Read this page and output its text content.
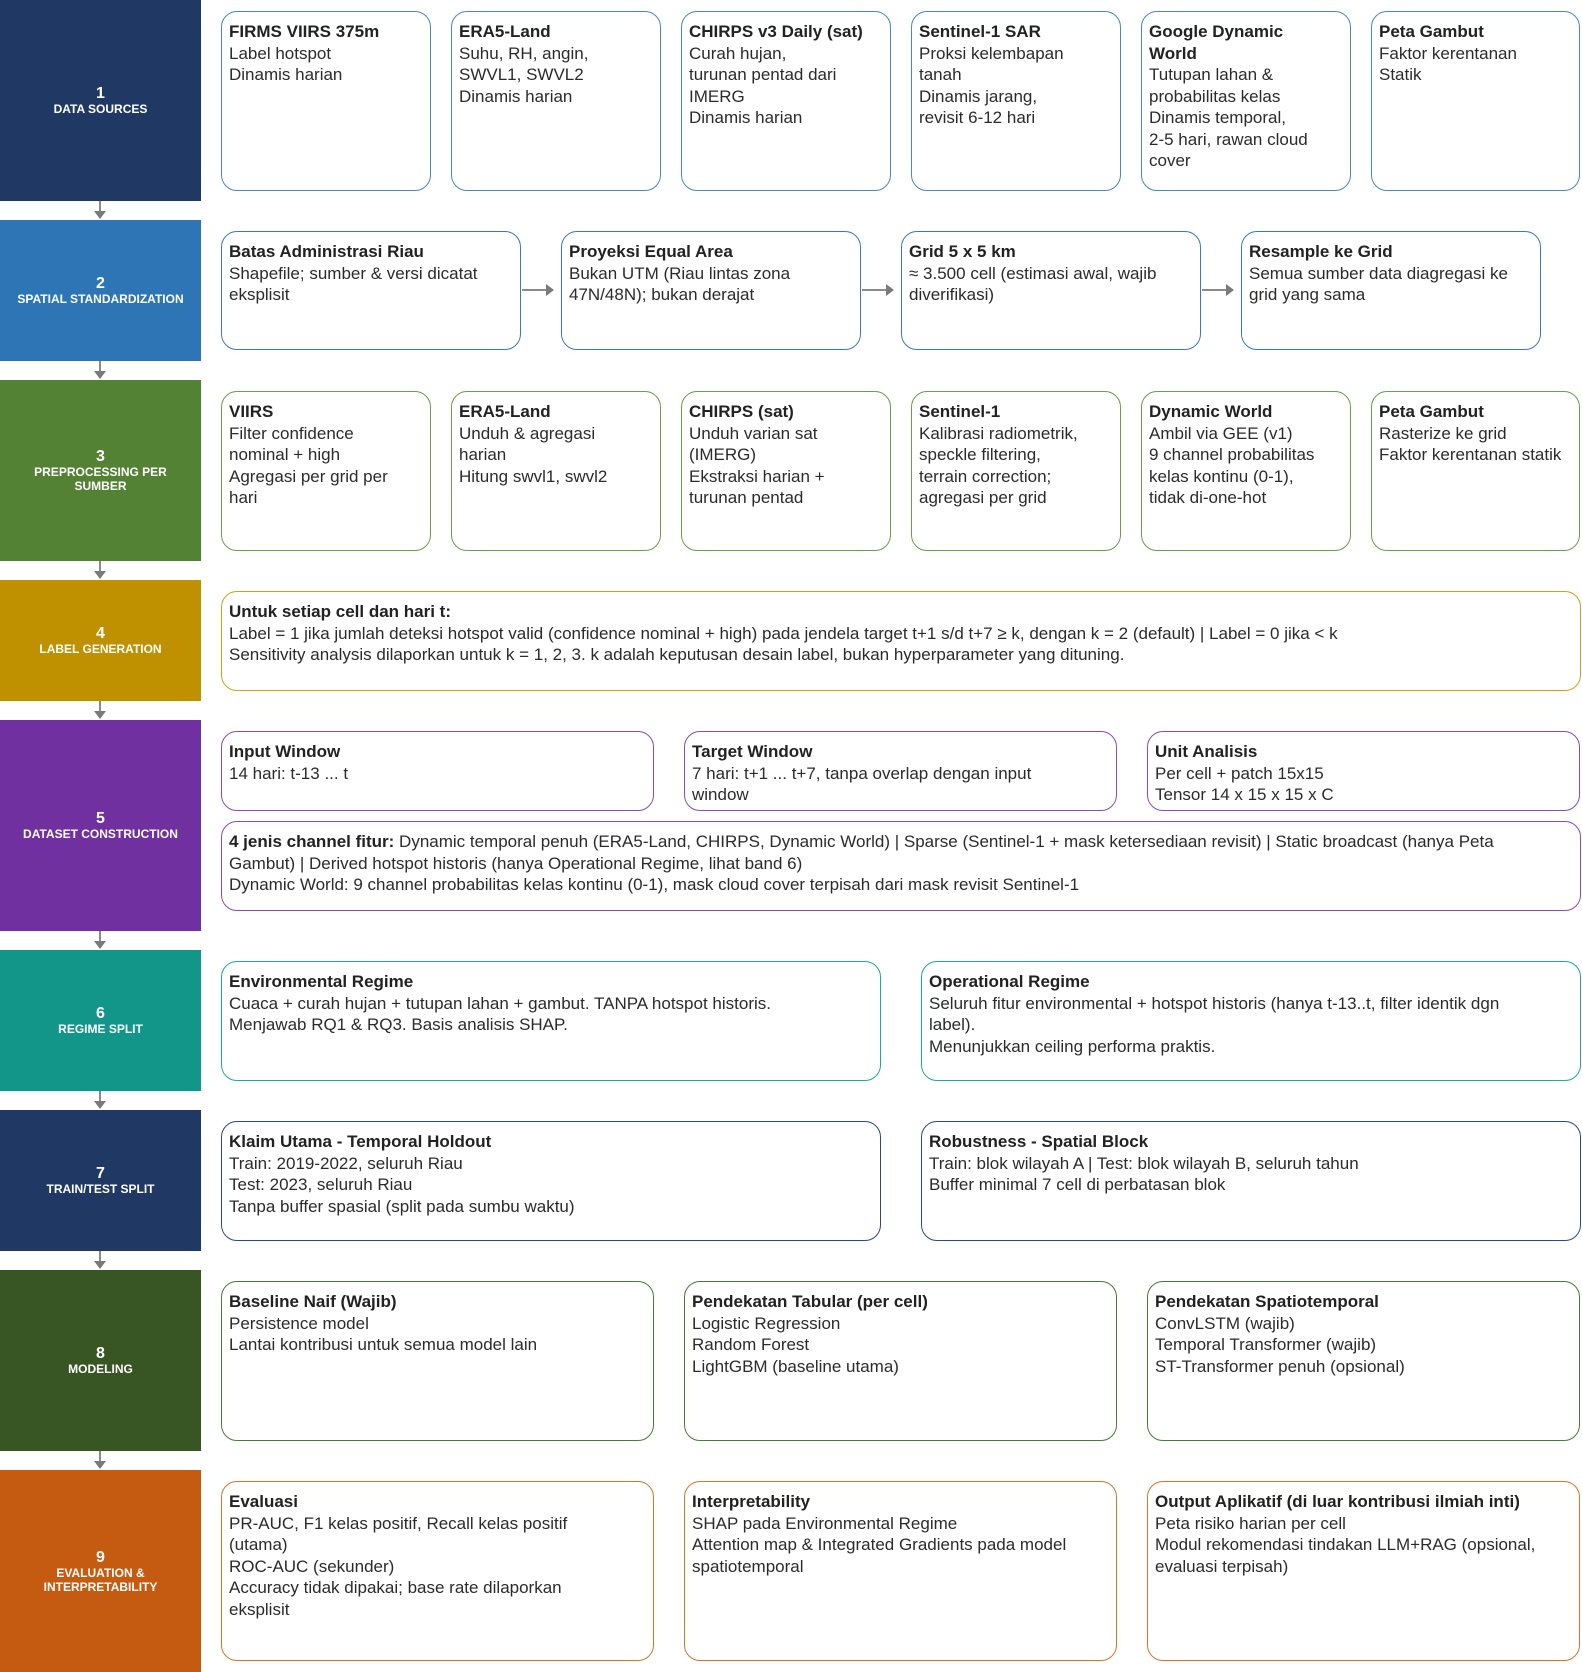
1
DATA SOURCES
2
SPATIAL STANDARDIZATION
3
PREPROCESSING PER SUMBER
4
LABEL GENERATION
5
DATASET CONSTRUCTION
6
REGIME SPLIT
7
TRAIN/TEST SPLIT
8
MODELING
9
EVALUATION & INTERPRETABILITY
FIRMS VIIRS 375m
Label hotspot
Dinamis harian
ERA5-Land
Suhu, RH, angin,
SWVL1, SWVL2
Dinamis harian
CHIRPS v3 Daily (sat)
Curah hujan,
turunan pentad dari
IMERG
Dinamis harian
Sentinel-1 SAR
Proksi kelembapan
tanah
Dinamis jarang,
revisit 6-12 hari
Google Dynamic
World
Tutupan lahan &
probabilitas kelas
Dinamis temporal,
2-5 hari, rawan cloud
cover
Peta Gambut
Faktor kerentanan
Statik
Batas Administrasi Riau
Shapefile; sumber & versi dicatat
eksplisit
Proyeksi Equal Area
Bukan UTM (Riau lintas zona
47N/48N); bukan derajat
Grid 5 x 5 km
≈ 3.500 cell (estimasi awal, wajib
diverifikasi)
Resample ke Grid
Semua sumber data diagregasi ke
grid yang sama
VIIRS
Filter confidence
nominal + high
Agregasi per grid per
hari
ERA5-Land
Unduh & agregasi
harian
Hitung swvl1, swvl2
CHIRPS (sat)
Unduh varian sat
(IMERG)
Ekstraksi harian +
turunan pentad
Sentinel-1
Kalibrasi radiometrik,
speckle filtering,
terrain correction;
agregasi per grid
Dynamic World
Ambil via GEE (v1)
9 channel probabilitas
kelas kontinu (0-1),
tidak di-one-hot
Peta Gambut
Rasterize ke grid
Faktor kerentanan statik
Untuk setiap cell dan hari t:
Label = 1 jika jumlah deteksi hotspot valid (confidence nominal + high) pada jendela target t+1 s/d t+7 ≥ k, dengan k = 2 (default) | Label = 0 jika < k
Sensitivity analysis dilaporkan untuk k = 1, 2, 3. k adalah keputusan desain label, bukan hyperparameter yang dituning.
Input Window
14 hari: t-13 ... t
Target Window
7 hari: t+1 ... t+7, tanpa overlap dengan input
window
Unit Analisis
Per cell + patch 15x15
Tensor 14 x 15 x 15 x C
4 jenis channel fitur: Dynamic temporal penuh (ERA5-Land, CHIRPS, Dynamic World) | Sparse (Sentinel-1 + mask ketersediaan revisit) | Static broadcast (hanya Peta
Gambut) | Derived hotspot historis (hanya Operational Regime, lihat band 6)
Dynamic World: 9 channel probabilitas kelas kontinu (0-1), mask cloud cover terpisah dari mask revisit Sentinel-1
Environmental Regime
Cuaca + curah hujan + tutupan lahan + gambut. TANPA hotspot historis.
Menjawab RQ1 & RQ3. Basis analisis SHAP.
Operational Regime
Seluruh fitur environmental + hotspot historis (hanya t-13..t, filter identik dgn
label).
Menunjukkan ceiling performa praktis.
Klaim Utama - Temporal Holdout
Train: 2019-2022, seluruh Riau
Test: 2023, seluruh Riau
Tanpa buffer spasial (split pada sumbu waktu)
Robustness - Spatial Block
Train: blok wilayah A | Test: blok wilayah B, seluruh tahun
Buffer minimal 7 cell di perbatasan blok
Baseline Naif (Wajib)
Persistence model
Lantai kontribusi untuk semua model lain
Pendekatan Tabular (per cell)
Logistic Regression
Random Forest
LightGBM (baseline utama)
Pendekatan Spatiotemporal
ConvLSTM (wajib)
Temporal Transformer (wajib)
ST-Transformer penuh (opsional)
Evaluasi
PR-AUC, F1 kelas positif, Recall kelas positif
(utama)
ROC-AUC (sekunder)
Accuracy tidak dipakai; base rate dilaporkan
eksplisit
Interpretability
SHAP pada Environmental Regime
Attention map & Integrated Gradients pada model
spatiotemporal
Output Aplikatif (di luar kontribusi ilmiah inti)
Peta risiko harian per cell
Modul rekomendasi tindakan LLM+RAG (opsional,
evaluasi terpisah)
